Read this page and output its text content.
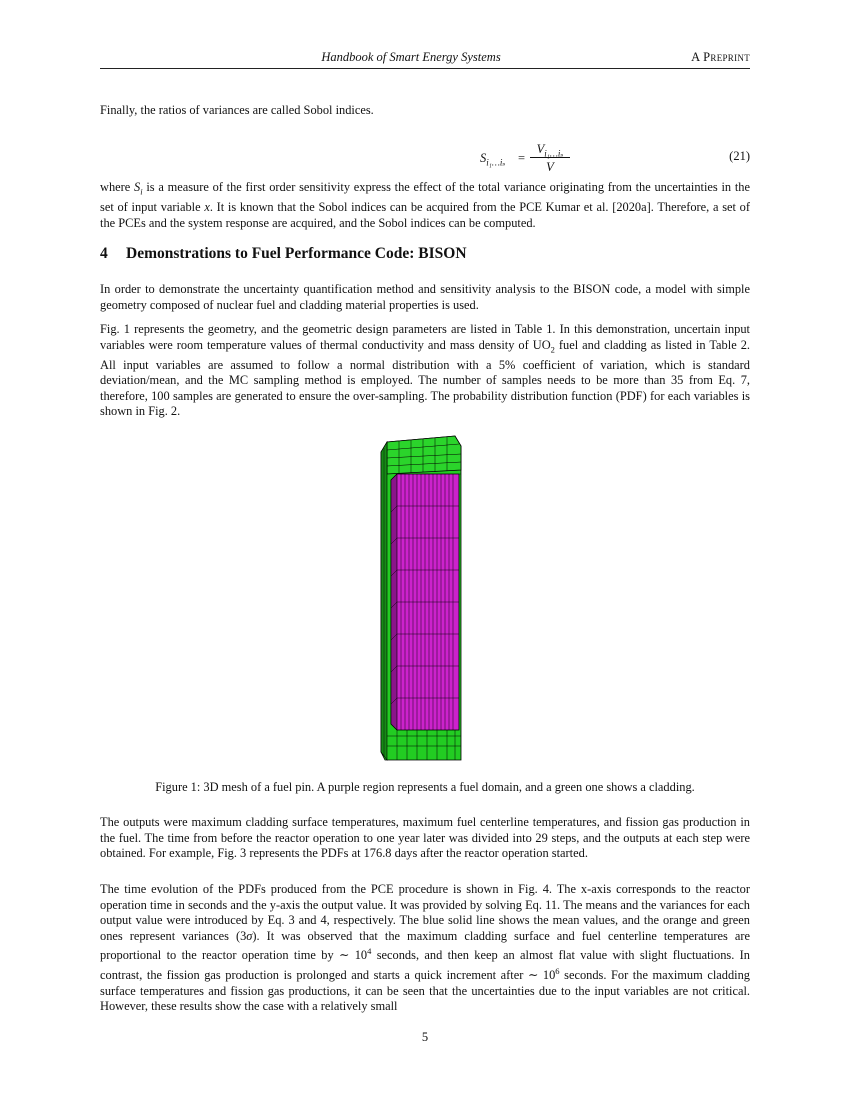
Handbook of Smart Energy Systems	A Preprint

Finally, the ratios of variances are called Sobol indices.

$S_{i_1\dots i_s}$ =
$V_{i_1\dots i_s}$
V
(21)

where $S_i$ is a measure of the first order sensitivity express the effect of the total variance originating from the uncertainties in the set of input variable x. It is known that the Sobol indices can be acquired from the PCE Kumar et al. [2020a]. Therefore, a set of the PCEs and the system response are acquired, and the Sobol indices can be computed.

4 Demonstrations to Fuel Performance Code: BISON

In order to demonstrate the uncertainty quantification method and sensitivity analysis to the BISON code, a model with simple geometry composed of nuclear fuel and cladding material properties is used.

Fig. 1 represents the geometry, and the geometric design parameters are listed in Table 1. In this demonstration, uncertain input variables were room temperature values of thermal conductivity and mass density of $UO_2$ fuel and cladding as listed in Table 2. All input variables are assumed to follow a normal distribution with a 5% coefficient of variation, which is standard deviation/mean, and the MC sampling method is employed. The number of samples needs to be more than 35 from Eq. 7, therefore, 100 samples are generated to ensure the over-sampling. The probability distribution function (PDF) for each variables is shown in Fig. 2.

Figure 1: 3D mesh of a fuel pin. A purple region represents a fuel domain, and a green one shows a cladding.

The outputs were maximum cladding surface temperatures, maximum fuel centerline temperatures, and fission gas production in the fuel. The time from before the reactor operation to one year later was divided into 29 steps, and the outputs at each step were obtained. For example, Fig. 3 represents the PDFs at 176.8 days after the reactor operation started.

The time evolution of the PDFs produced from the PCE procedure is shown in Fig. 4. The x-axis corresponds to the reactor operation time in seconds and the y-axis the output value. It was provided by solving Eq. 11. The means and the variances for each output value were introduced by Eq. 3 and 4, respectively. The blue solid line shows the mean values, and the orange and green ones represent variances (3σ). It was observed that the maximum cladding surface and fuel centerline temperatures are proportional to the reactor operation time by ∼ $10^4$ seconds, and then keep an almost flat value with slight fluctuations. In contrast, the fission gas production is prolonged and starts a quick increment after ∼ $10^6$ seconds. For the maximum cladding surface temperatures and fission gas productions, it can be seen that the uncertainties due to the input variables are not critical. However, these results show the case with a relatively small

5
